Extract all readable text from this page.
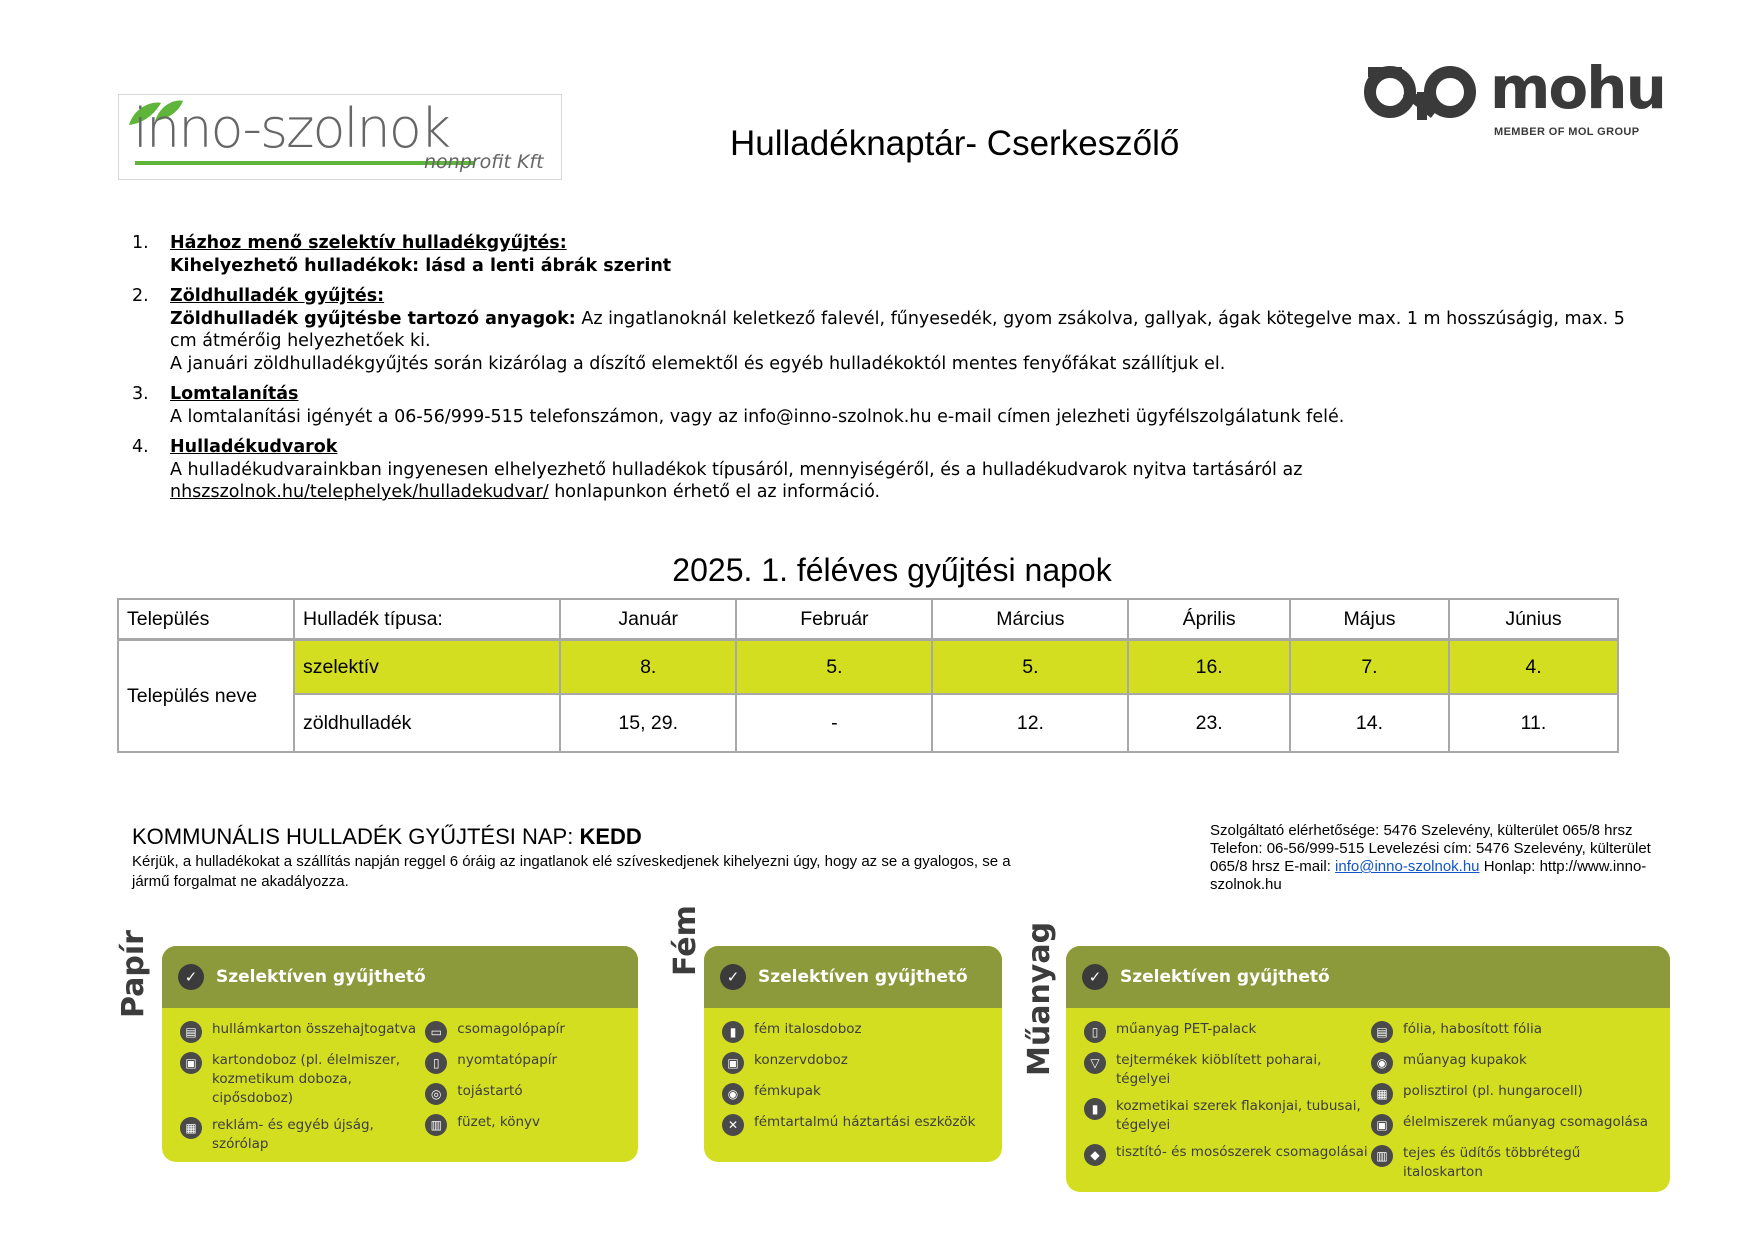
inno-szolnok
nonprofit Kft	Hulladéknaptár- Cserkeszőlő
mohu
MEMBER OF MOL GROUP
1. Házhoz menő szelektív hulladékgyűjtés:
Kihelyezhető hulladékok: lásd a lenti ábrák szerint
2. Zöldhulladék gyűjtés:
Zöldhulladék gyűjtésbe tartozó anyagok: Az ingatlanoknál keletkező falevél, fűnyesedék, gyom zsákolva, gallyak, ágak kötegelve max. 1 m hosszúságig, max. 5 cm átmérőig helyezhetőek ki.
A januári zöldhulladékgyűjtés során kizárólag a díszítő elemektől és egyéb hulladékoktól mentes fenyőfákat szállítjuk el.
3. Lomtalanítás
A lomtalanítási igényét a 06-56/999-515 telefonszámon, vagy az info@inno-szolnok.hu e-mail címen jelezheti ügyfélszolgálatunk felé.
4. Hulladékudvarok
A hulladékudvarainkban ingyenesen elhelyezhető hulladékok típusáról, mennyiségéről, és a hulladékudvarok nyitva tartásáról az
nhszszolnok.hu/telephelyek/hulladekudvar/ honlapunkon érhető el az információ.
2025. 1. féléves gyűjtési napok
Település	Hulladék típusa:	Január	Február	Március	Április	Május	Június
Település neve	szelektív	8.	5.	5.	16.	7.	4.
	zöldhulladék	15, 29.	-	12.	23.	14.	11.
KOMMUNÁLIS HULLADÉK GYŰJTÉSI NAP: KEDD
Kérjük, a hulladékokat a szállítás napján reggel 6 óráig az ingatlanok elé szíveskedjenek kihelyezni úgy, hogy az se a gyalogos, se a jármű forgalmat ne akadályozza.
Szolgáltató elérhetősége: 5476 Szelevény, külterület 065/8 hrsz Telefon: 06-56/999-515 Levelezési cím: 5476 Szelevény, külterület 065/8 hrsz E-mail: info@inno-szolnok.hu Honlap: http://www.inno-szolnok.hu
Papír	✓	Szelektíven gyűjthető
▤	hullámkarton összehajtogatva
▣	kartondoboz (pl. élelmiszer, kozmetikum doboza, cipősdoboz)
▦	reklám- és egyéb újság, szórólap
▭	csomagolópapír
▯	nyomtatópapír
◎	tojástartó
▥	füzet, könyv
Fém
✓	Szelektíven gyűjthető
▮	fém italosdoboz
▣	konzervdoboz
◉	fémkupak
✕	fémtartalmú háztartási eszközök
Műanyag	✓	Szelektíven gyűjthető
▯	műanyag PET-palack
▽	tejtermékek kiöblített poharai, tégelyei
▮	kozmetikai szerek flakonjai, tubusai, tégelyei
◆	tisztító- és mosószerek csomagolásai
▤	fólia, habosított fólia
◉	műanyag kupakok
▦	polisztirol (pl. hungarocell)
▣	élelmiszerek műanyag csomagolása
▥	tejes és üdítős többrétegű italoskarton
